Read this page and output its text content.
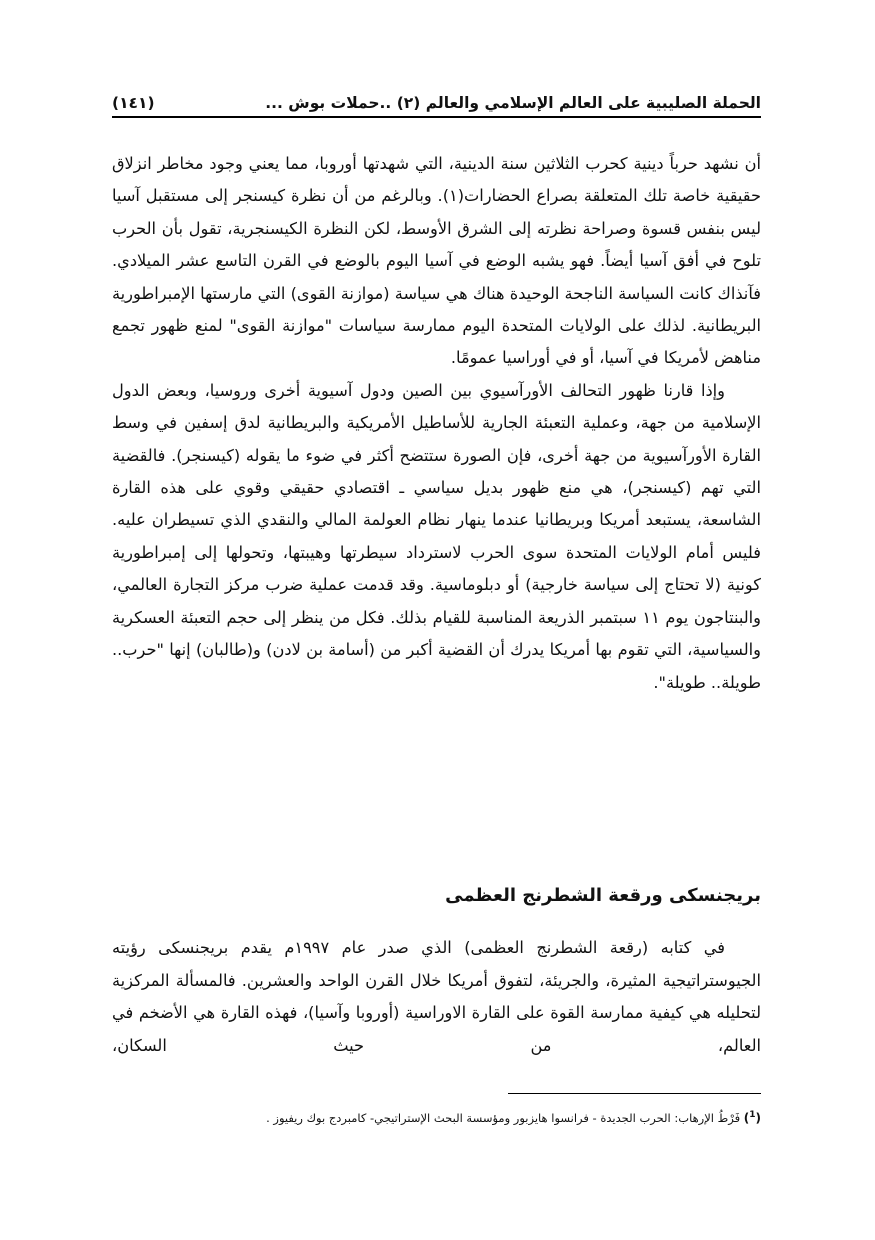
الحملة الصليبية على العالم الإسلامي والعالم (٢) ..حملات بوش ...
(١٤١)

أن نشهد حرباً دينية كحرب الثلاثين سنة الدينية، التي شهدتها أوروبا، مما يعني وجود مخاطر انزلاق حقيقية خاصة تلك المتعلقة بصراع الحضارات(١). وبالرغم من أن نظرة كيسنجر إلى مستقبل آسيا ليس بنفس قسوة وصراحة نظرته إلى الشرق الأوسط، لكن النظرة الكيسنجرية، تقول بأن الحرب تلوح في أفق آسيا أيضاً. فهو يشبه الوضع في آسيا اليوم بالوضع في القرن التاسع عشر الميلادي. فآنذاك كانت السياسة الناجحة الوحيدة هناك هي سياسة (موازنة القوى) التي مارستها الإمبراطورية البريطانية. لذلك على الولايات المتحدة اليوم ممارسة سياسات "موازنة القوى" لمنع ظهور تجمع مناهض لأمريكا في آسيا، أو في أوراسيا عمومًا.

وإذا قارنا ظهور التحالف الأورآسيوي بين الصين ودول آسيوية أخرى وروسيا، وبعض الدول الإسلامية من جهة، وعملية التعبئة الجارية للأساطيل الأمريكية والبريطانية لدق إسفين في وسط القارة الأورآسيوية من جهة أخرى، فإن الصورة ستتضح أكثر في ضوء ما يقوله (كيسنجر). فالقضية التي تهم (كيسنجر)، هي منع ظهور بديل سياسي ـ اقتصادي حقيقي وقوي على هذه القارة الشاسعة، يستبعد أمريكا وبريطانيا عندما ينهار نظام العولمة المالي والنقدي الذي تسيطران عليه. فليس أمام الولايات المتحدة سوى الحرب لاسترداد سيطرتها وهيبتها، وتحولها إلى إمبراطورية كونية (لا تحتاج إلى سياسة خارجية) أو دبلوماسية. وقد قدمت عملية ضرب مركز التجارة العالمي، والبنتاجون يوم ١١ سبتمبر الذريعة المناسبة للقيام بذلك. فكل من ينظر إلى حجم التعبئة العسكرية والسياسية، التي تقوم بها أمريكا يدرك أن القضية أكبر من (أسامة بن لادن) و(طالبان) إنها "حرب.. طويلة.. طويلة".

بريجنسكى ورقعة الشطرنج العظمى

في كتابه (رقعة الشطرنج العظمى) الذي صدر عام ١٩٩٧م يقدم بريجنسكى رؤيته الجيوستراتيجية المثيرة، والجريئة، لتفوق أمريكا خلال القرن الواحد والعشرين. فالمسألة المركزية لتحليله هي كيفية ممارسة القوة على القارة الاوراسية (أوروبا وآسيا)، فهذه القارة هي الأضخم في العالم، من حيث السكان،

($^1$) فَرْطُ الإرهاب: الحرب الجديدة - فرانسوا هايزبور ومؤسسة البحث الإستراتيجي- كامبردج بوك ريفيوز .
